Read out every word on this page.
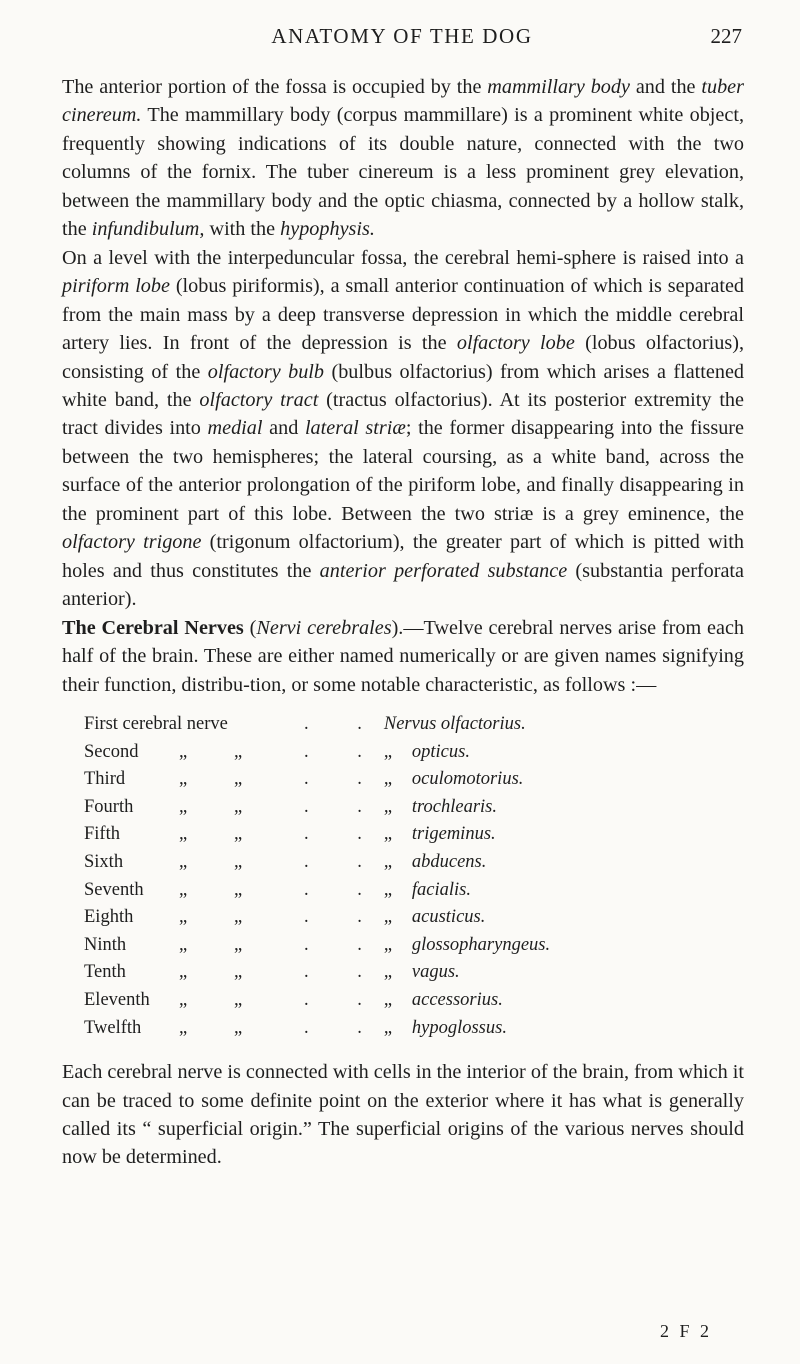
ANATOMY OF THE DOG	227

The anterior portion of the fossa is occupied by the mammillary body and the tuber cinereum. The mammillary body (corpus mammillare) is a prominent white object, frequently showing indications of its double nature, connected with the two columns of the fornix. The tuber cinereum is a less prominent grey elevation, between the mammillary body and the optic chiasma, connected by a hollow stalk, the infundibulum, with the hypophysis.

On a level with the interpeduncular fossa, the cerebral hemi-sphere is raised into a piriform lobe (lobus piriformis), a small anterior continuation of which is separated from the main mass by a deep transverse depression in which the middle cerebral artery lies. In front of the depression is the olfactory lobe (lobus olfactorius), consisting of the olfactory bulb (bulbus olfactorius) from which arises a flattened white band, the olfactory tract (tractus olfactorius). At its posterior extremity the tract divides into medial and lateral striæ; the former disappearing into the fissure between the two hemispheres; the lateral coursing, as a white band, across the surface of the anterior prolongation of the piriform lobe, and finally disappearing in the prominent part of this lobe. Between the two striæ is a grey eminence, the olfactory trigone (trigonum olfactorium), the greater part of which is pitted with holes and thus constitutes the anterior perforated substance (substantia perforata anterior).

The Cerebral Nerves (Nervi cerebrales).—Twelve cerebral nerves arise from each half of the brain. These are either named numerically or are given names signifying their function, distribu-tion, or some notable characteristic, as follows :—

First cerebral nerve			. .	Nervus olfactorius.	
Second	„	„	. .	„	opticus.
Third	„	„	. .	„	oculomotorius.
Fourth	„	„	. .	„	trochlearis.
Fifth	„	„	. .	„	trigeminus.
Sixth	„	„	. .	„	abducens.
Seventh	„	„	. .	„	facialis.
Eighth	„	„	. .	„	acusticus.
Ninth	„	„	. .	„	glossopharyngeus.
Tenth	„	„	. .	„	vagus.
Eleventh	„	„	. .	„	accessorius.
Twelfth	„	„	. .	„	hypoglossus.

Each cerebral nerve is connected with cells in the interior of the brain, from which it can be traced to some definite point on the exterior where it has what is generally called its “ superficial origin.” The superficial origins of the various nerves should now be determined.

2 F 2
